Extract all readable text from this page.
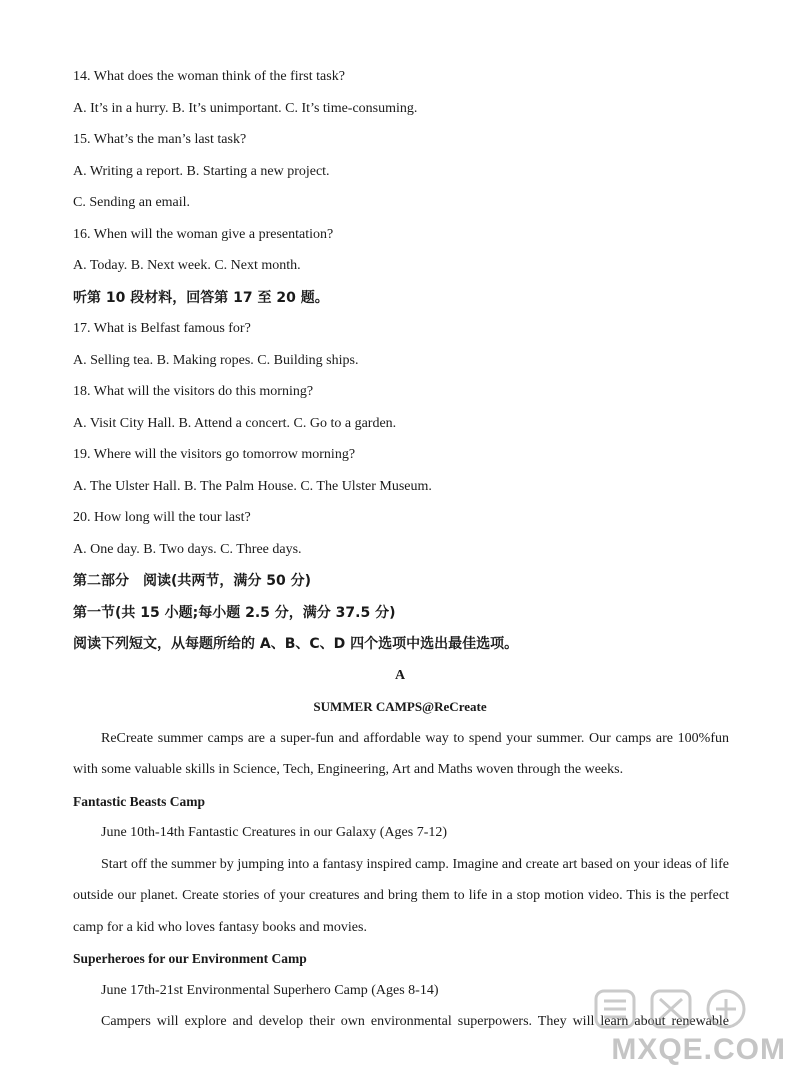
14. What does the woman think of the first task?
A. It’s in a hurry. B. It’s unimportant. C. It’s time-consuming.
15. What’s the man’s last task?
A. Writing a report. B. Starting a new project.
C. Sending an email.
16. When will the woman give a presentation?
A. Today. B. Next week. C. Next month.
听第 10 段材料，回答第 17 至 20 题。
17. What is Belfast famous for?
A. Selling tea. B. Making ropes. C. Building ships.
18. What will the visitors do this morning?
A. Visit City Hall. B. Attend a concert. C. Go to a garden.
19. Where will the visitors go tomorrow morning?
A. The Ulster Hall. B. The Palm House. C. The Ulster Museum.
20. How long will the tour last?
A. One day. B. Two days. C. Three days.
第二部分　阅读(共两节，满分 50 分)
第一节(共 15 小题;每小题 2.5 分，满分 37.5 分)
阅读下列短文，从每题所给的 A、B、C、D 四个选项中选出最佳选项。
A
SUMMER CAMPS@ReCreate
ReCreate summer camps are a super-fun and affordable way to spend your summer. Our camps are 100%fun
with some valuable skills in Science, Tech, Engineering, Art and Maths woven through the weeks.
Fantastic Beasts Camp
June 10th-14th Fantastic Creatures in our Galaxy (Ages 7-12)
Start off the summer by jumping into a fantasy inspired camp. Imagine and create art based on your ideas of life
outside our planet. Create stories of your creatures and bring them to life in a stop motion video. This is the perfect
camp for a kid who loves fantasy books and movies.
Superheroes for our Environment Camp
June 17th-21st Environmental Superhero Camp (Ages 8-14)
Campers will explore and develop their own environmental superpowers. They will learn about renewable
MXQE.COM
